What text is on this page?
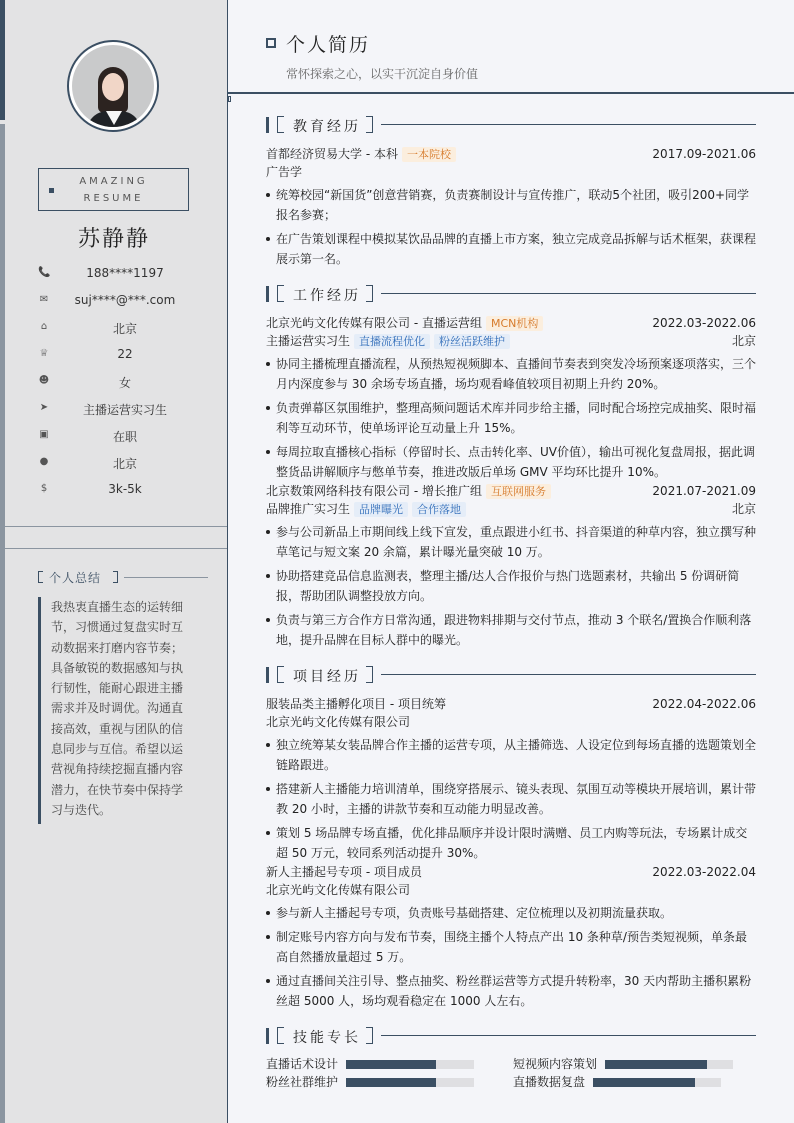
AMAZING
RESUME
苏静静
📞	188****1197
✉	suj****@***.com
⌂	北京
♕	22
☻	女
➤	主播运营实习生
▣	在职
●	北京
$	3k-5k
个人总结
我热衷直播生态的运转细节，习惯通过复盘实时互动数据来打磨内容节奏；具备敏锐的数据感知与执行韧性，能耐心跟进主播需求并及时调优。沟通直接高效，重视与团队的信息同步与互信。希望以运营视角持续挖掘直播内容潜力，在快节奏中保持学习与迭代。
个人简历
常怀探索之心，以实干沉淀自身价值
教育经历
首都经济贸易大学 - 本科 一本院校	2017.09-2021.06
广告学
统筹校园“新国货”创意营销赛，负责赛制设计与宣传推广，联动5个社团，吸引200+同学报名参赛；
在广告策划课程中模拟某饮品品牌的直播上市方案，独立完成竞品拆解与话术框架，获课程展示第一名。
工作经历
北京光屿文化传媒有限公司 - 直播运营组 MCN机构	2022.03-2022.06
主播运营实习生 直播流程优化 粉丝活跃维护	北京
协同主播梳理直播流程，从预热短视频脚本、直播间节奏表到突发冷场预案逐项落实，三个月内深度参与 30 余场专场直播，场均观看峰值较项目初期上升约 20%。
负责弹幕区氛围维护，整理高频问题话术库并同步给主播，同时配合场控完成抽奖、限时福利等互动环节，使单场评论互动量上升 15%。
每周拉取直播核心指标（停留时长、点击转化率、UV价值），输出可视化复盘周报，据此调整货品讲解顺序与憋单节奏，推进改版后单场 GMV 平均环比提升 10%。
北京数策网络科技有限公司 - 增长推广组 互联网服务	2021.07-2021.09
品牌推广实习生 品牌曝光 合作落地	北京
参与公司新品上市期间线上线下宣发，重点跟进小红书、抖音渠道的种草内容，独立撰写种草笔记与短文案 20 余篇，累计曝光量突破 10 万。
协助搭建竞品信息监测表，整理主播/达人合作报价与热门选题素材，共输出 5 份调研简报，帮助团队调整投放方向。
负责与第三方合作方日常沟通，跟进物料排期与交付节点，推动 3 个联名/置换合作顺利落地，提升品牌在目标人群中的曝光。
项目经历
服装品类主播孵化项目 - 项目统筹	2022.04-2022.06
北京光屿文化传媒有限公司
独立统筹某女装品牌合作主播的运营专项，从主播筛选、人设定位到每场直播的选题策划全链路跟进。
搭建新人主播能力培训清单，围绕穿搭展示、镜头表现、氛围互动等模块开展培训，累计带教 20 小时，主播的讲款节奏和互动能力明显改善。
策划 5 场品牌专场直播，优化排品顺序并设计限时满赠、员工内购等玩法，专场累计成交超 50 万元，较同系列活动提升 30%。
新人主播起号专项 - 项目成员	2022.03-2022.04
北京光屿文化传媒有限公司
参与新人主播起号专项，负责账号基础搭建、定位梳理以及初期流量获取。
制定账号内容方向与发布节奏，围绕主播个人特点产出 10 条种草/预告类短视频，单条最高自然播放量超过 5 万。
通过直播间关注引导、整点抽奖、粉丝群运营等方式提升转粉率，30 天内帮助主播积累粉丝超 5000 人，场均观看稳定在 1000 人左右。
技能专长
直播话术设计	短视频内容策划
粉丝社群维护	直播数据复盘
